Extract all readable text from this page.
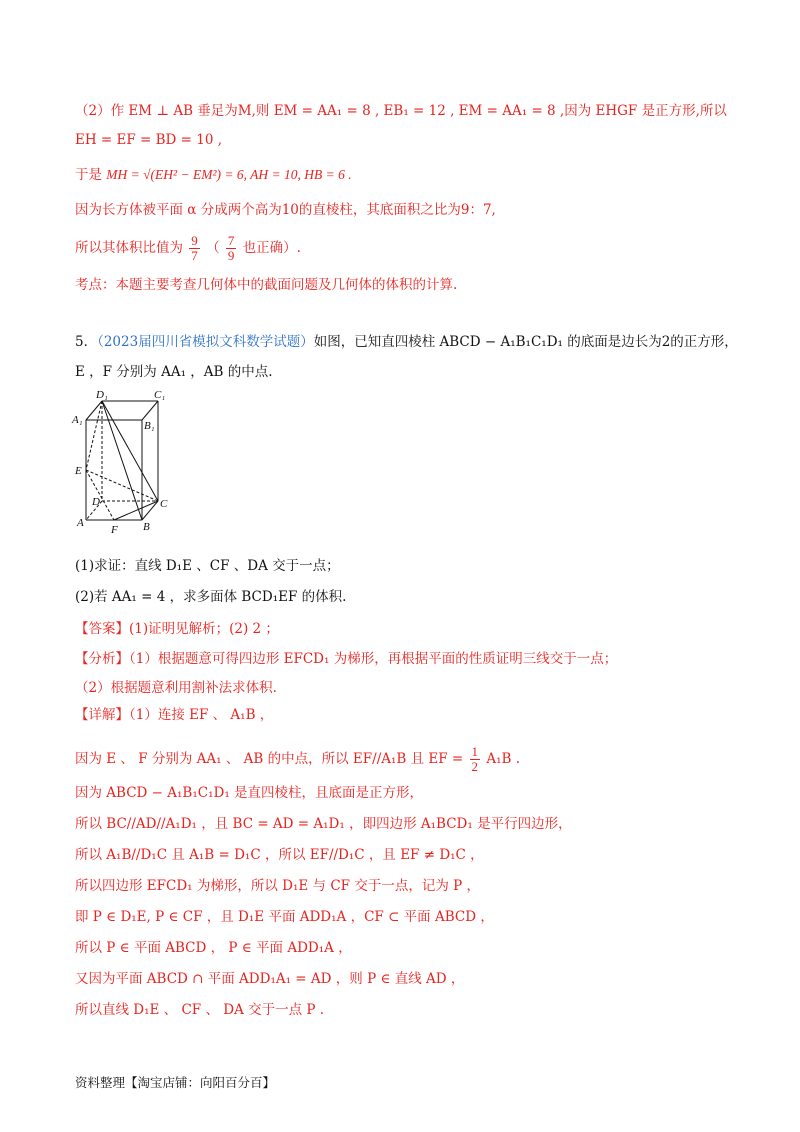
（2）作 EM ⊥ AB 垂足为M,则 EM = AA₁ = 8 , EB₁ = 12 , EM = AA₁ = 8 ,因为 EHGF 是正方形,所以
EH = EF = BD = 10 ,
于是 MH = √(EH² − EM²) = 6, AH = 10, HB = 6 .
因为长方体被平面 α 分成两个高为10的直棱柱，其底面积之比为9：7,
所以其体积比值为 $\frac{9}{7}$ （ $\frac{7}{9}$ 也正确）.
考点：本题主要考查几何体中的截面问题及几何体的体积的计算.
5．（2023届四川省模拟文科数学试题）如图，已知直四棱柱 ABCD − A₁B₁C₁D₁ 的底面是边长为2的正方形，
E ，F 分别为 AA₁ ，AB 的中点.
D₁	C₁
A₁	B₁
E
D	C
A
F B
(1)求证：直线 D₁E 、CF 、DA 交于一点；
(2)若 AA₁ = 4 ，求多面体 BCD₁EF 的体积.
【答案】(1)证明见解析；(2) 2 ；
【分析】（1）根据题意可得四边形 EFCD₁ 为梯形，再根据平面的性质证明三线交于一点；
（2）根据题意利用割补法求体积.
【详解】（1）连接 EF 、 A₁B ，
因为 E 、 F 分别为 AA₁ 、 AB 的中点，所以 EF//A₁B 且 EF = $\frac{1}{2} A_1B$ .
因为 ABCD − A₁B₁C₁D₁ 是直四棱柱，且底面是正方形，
所以 BC//AD//A₁D₁ ，且 BC = AD = A₁D₁ ，即四边形 A₁BCD₁ 是平行四边形，
所以 A₁B//D₁C 且 A₁B = D₁C ，所以 EF//D₁C ，且 EF ≠ D₁C ，
所以四边形 EFCD₁ 为梯形，所以 D₁E 与 CF 交于一点，记为 P ，
即 P ∈ D₁E, P ∈ CF ，且 D₁E 平面 ADD₁A ，CF ⊂ 平面 ABCD ，
所以 P ∈ 平面 ABCD ， P ∈ 平面 ADD₁A ，
又因为平面 ABCD ∩ 平面 ADD₁A₁ = AD ，则 P ∈ 直线 AD ，
所以直线 D₁E 、 CF 、 DA 交于一点 P .
资料整理【淘宝店铺：向阳百分百】
